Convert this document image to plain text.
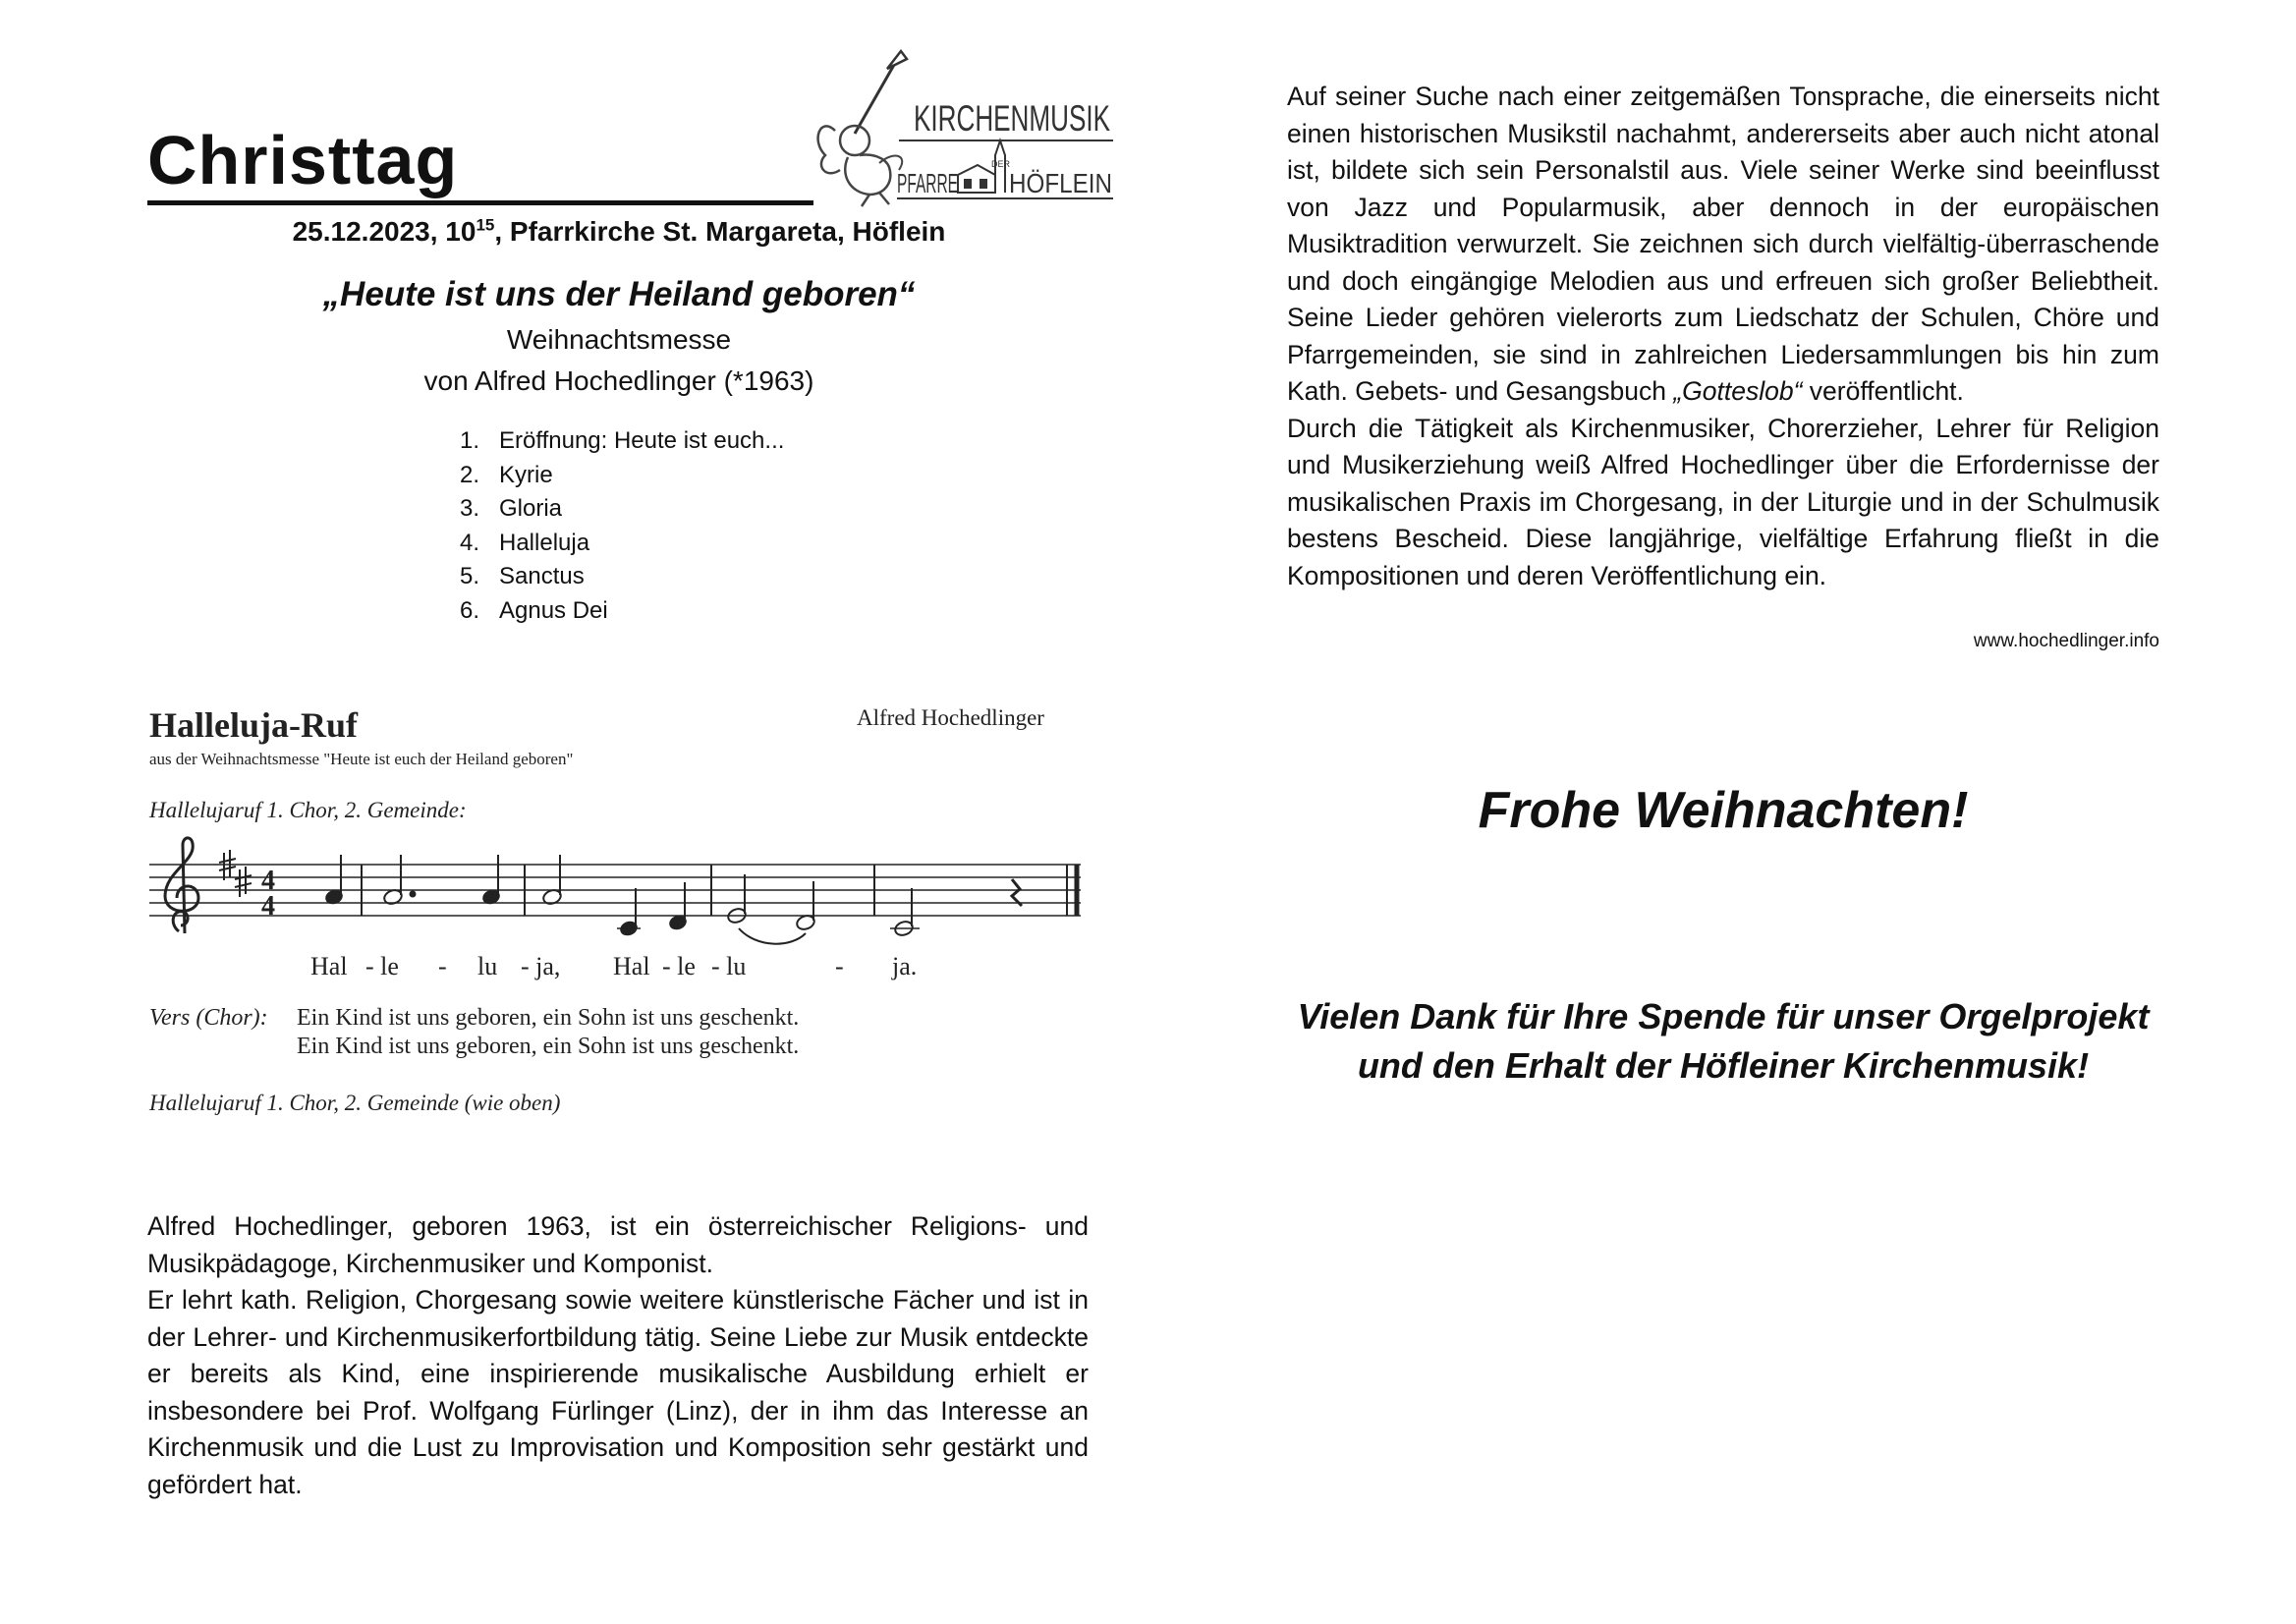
Christtag
KIRCHENMUSIK
DER
PFARRE HÖFLEIN
25.12.2023, $10^{15}$, Pfarrkirche St. Margareta, Höflein
„Heute ist uns der Heiland geboren“
Weihnachtsmesse
von Alfred Hochedlinger (*1963)
1. Eröffnung: Heute ist euch...
2. Kyrie
3. Gloria
4. Halleluja
5. Sanctus
6. Agnus Dei
Halleluja-Ruf	Alfred Hochedlinger
aus der Weihnachtsmesse "Heute ist euch der Heiland geboren"
Hallelujaruf 1. Chor, 2. Gemeinde:
4
4
Hal - le - lu - ja, Hal - le - lu	- ja.
Vers (Chor): Ein Kind ist uns geboren, ein Sohn ist uns geschenkt.
Ein Kind ist uns geboren, ein Sohn ist uns geschenkt.
Hallelujaruf 1. Chor, 2. Gemeinde (wie oben)

Alfred Hochedlinger, geboren 1963, ist ein österreichischer Religions- und Musikpädagoge, Kirchenmusiker und Komponist.

Er lehrt kath. Religion, Chorgesang sowie weitere künstlerische Fächer und ist in der Lehrer- und Kirchenmusikerfortbildung tätig. Seine Liebe zur Musik entdeckte er bereits als Kind, eine inspirierende musikalische Ausbildung erhielt er insbesondere bei Prof. Wolfgang Fürlinger (Linz), der in ihm das Interesse an Kirchenmusik und die Lust zu Improvisation und Komposition sehr gestärkt und gefördert hat.

Auf seiner Suche nach einer zeitgemäßen Tonsprache, die einerseits nicht einen historischen Musikstil nachahmt, andererseits aber auch nicht atonal ist, bildete sich sein Personalstil aus. Viele seiner Werke sind beeinflusst von Jazz und Popularmusik, aber dennoch in der europäischen Musiktradition verwurzelt. Sie zeichnen sich durch vielfältig-überraschende und doch eingängige Melodien aus und erfreuen sich großer Beliebtheit. Seine Lieder gehören vielerorts zum Liedschatz der Schulen, Chöre und Pfarrgemeinden, sie sind in zahlreichen Liedersammlungen bis hin zum Kath. Gebets- und Gesangsbuch „Gotteslob“ veröffentlicht.

Durch die Tätigkeit als Kirchenmusiker, Chorerzieher, Lehrer für Religion und Musikerziehung weiß Alfred Hochedlinger über die Erfordernisse der musikalischen Praxis im Chorgesang, in der Liturgie und in der Schulmusik bestens Bescheid. Diese langjährige, vielfältige Erfahrung fließt in die Kompositionen und deren Veröffentlichung ein.

www.hochedlinger.info
Frohe Weihnachten!
Vielen Dank für Ihre Spende für unser Orgelprojekt
und den Erhalt der Höfleiner Kirchenmusik!
